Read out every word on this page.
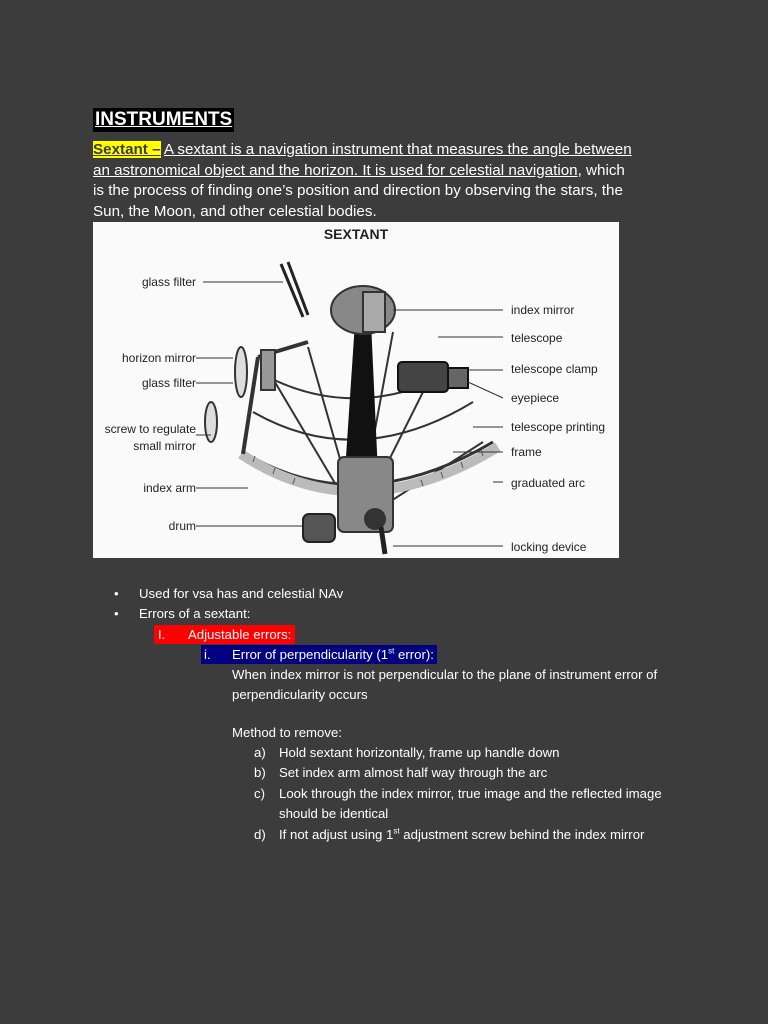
INSTRUMENTS
Sextant – A sextant is a navigation instrument that measures the angle between an astronomical object and the horizon. It is used for celestial navigation, which is the process of finding one’s position and direction by observing the stars, the Sun, the Moon, and other celestial bodies.
SEXTANT
glass filter
horizon mirror
glass filter
screw to regulate
small mirror
index arm
drum
index mirror
telescope
telescope clamp
eyepiece
telescope printing
frame
graduated arc
locking device
• Used for vsa has and celestial NAv
• Errors of a sextant:
I. Adjustable errors:
i. Error of perpendicularity (1st error):
When index mirror is not perpendicular to the plane of instrument error of perpendicularity occurs
Method to remove:
a) Hold sextant horizontally, frame up handle down
b) Set index arm almost half way through the arc
c) Look through the index mirror, true image and the reflected image should be identical
d) If not adjust using 1st adjustment screw behind the index mirror
